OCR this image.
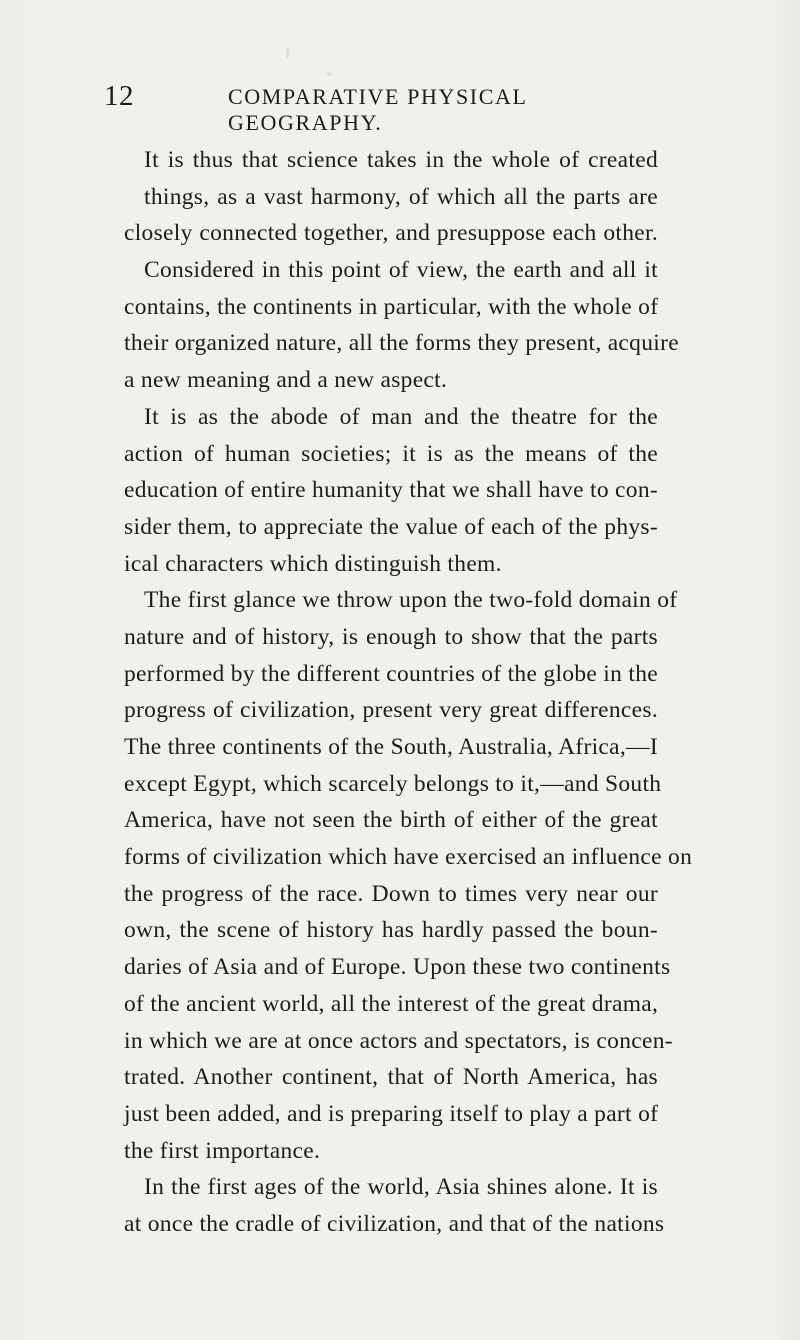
12	COMPARATIVE PHYSICAL GEOGRAPHY.
It is thus that science takes in the whole of created
things, as a vast harmony, of which all the parts are
closely connected together, and presuppose each other.
Considered in this point of view, the earth and all it
contains, the continents in particular, with the whole of
their organized nature, all the forms they present, acquire
a new meaning and a new aspect.
It is as the abode of man and the theatre for the
action of human societies; it is as the means of the
education of entire humanity that we shall have to con-
sider them, to appreciate the value of each of the phys-
ical characters which distinguish them.
The first glance we throw upon the two-fold domain of
nature and of history, is enough to show that the parts
performed by the different countries of the globe in the
progress of civilization, present very great differences.
The three continents of the South, Australia, Africa,—I
except Egypt, which scarcely belongs to it,—and South
America, have not seen the birth of either of the great
forms of civilization which have exercised an influence on
the progress of the race. Down to times very near our
own, the scene of history has hardly passed the boun-
daries of Asia and of Europe. Upon these two continents
of the ancient world, all the interest of the great drama,
in which we are at once actors and spectators, is concen-
trated. Another continent, that of North America, has
just been added, and is preparing itself to play a part of
the first importance.
In the first ages of the world, Asia shines alone. It is
at once the cradle of civilization, and that of the nations
